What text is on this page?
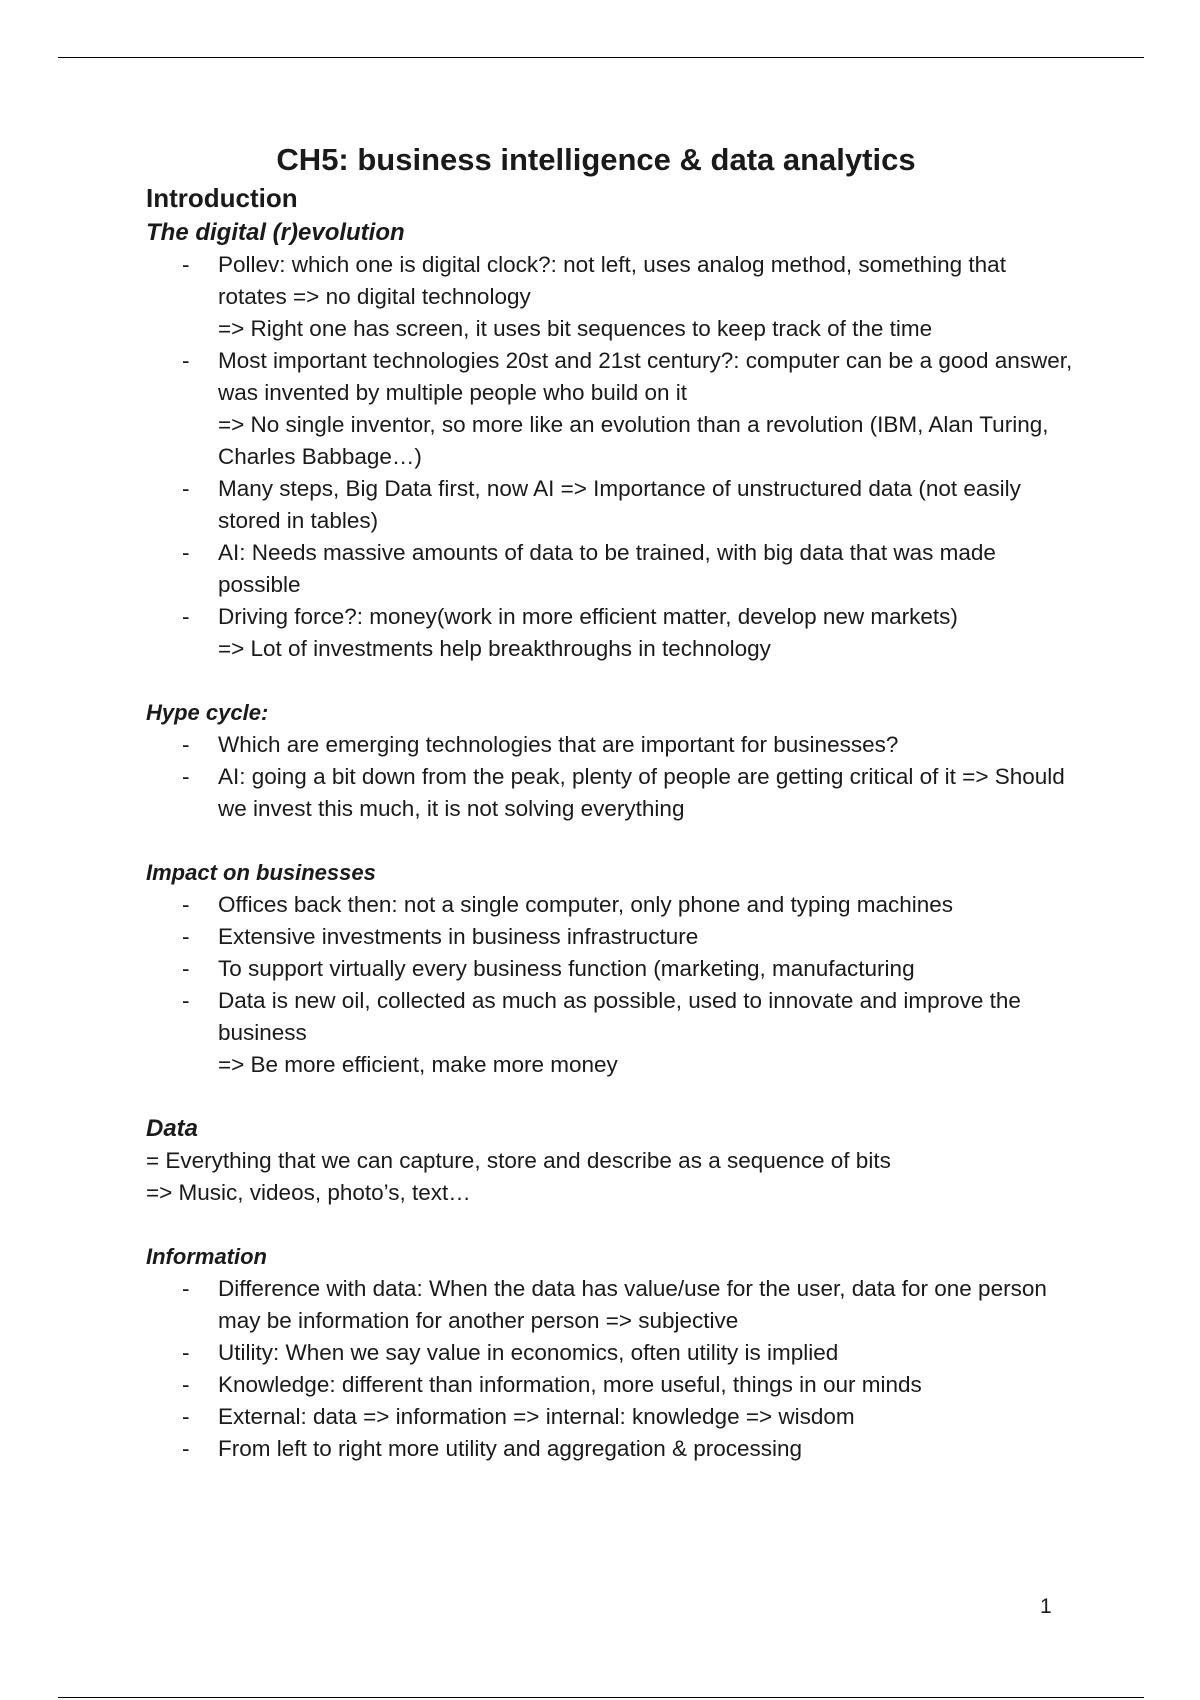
CH5: business intelligence & data analytics
Introduction
The digital (r)evolution
- Pollev: which one is digital clock?: not left, uses analog method, something that rotates => no digital technology
=> Right one has screen, it uses bit sequences to keep track of the time
- Most important technologies 20st and 21st century?: computer can be a good answer, was invented by multiple people who build on it
=> No single inventor, so more like an evolution than a revolution (IBM, Alan Turing, Charles Babbage…)
- Many steps, Big Data first, now AI => Importance of unstructured data (not easily stored in tables)
- AI: Needs massive amounts of data to be trained, with big data that was made possible
- Driving force?: money(work in more efficient matter, develop new markets)
=> Lot of investments help breakthroughs in technology
Hype cycle:
- Which are emerging technologies that are important for businesses?
- AI: going a bit down from the peak, plenty of people are getting critical of it => Should we invest this much, it is not solving everything
Impact on businesses
- Offices back then: not a single computer, only phone and typing machines
- Extensive investments in business infrastructure
- To support virtually every business function (marketing, manufacturing
- Data is new oil, collected as much as possible, used to innovate and improve the business
=> Be more efficient, make more money
Data

= Everything that we can capture, store and describe as a sequence of bits

=> Music, videos, photo’s, text…

Information
- Difference with data: When the data has value/use for the user, data for one person may be information for another person => subjective
- Utility: When we say value in economics, often utility is implied
- Knowledge: different than information, more useful, things in our minds
- External: data => information => internal: knowledge => wisdom
- From left to right more utility and aggregation & processing
1
